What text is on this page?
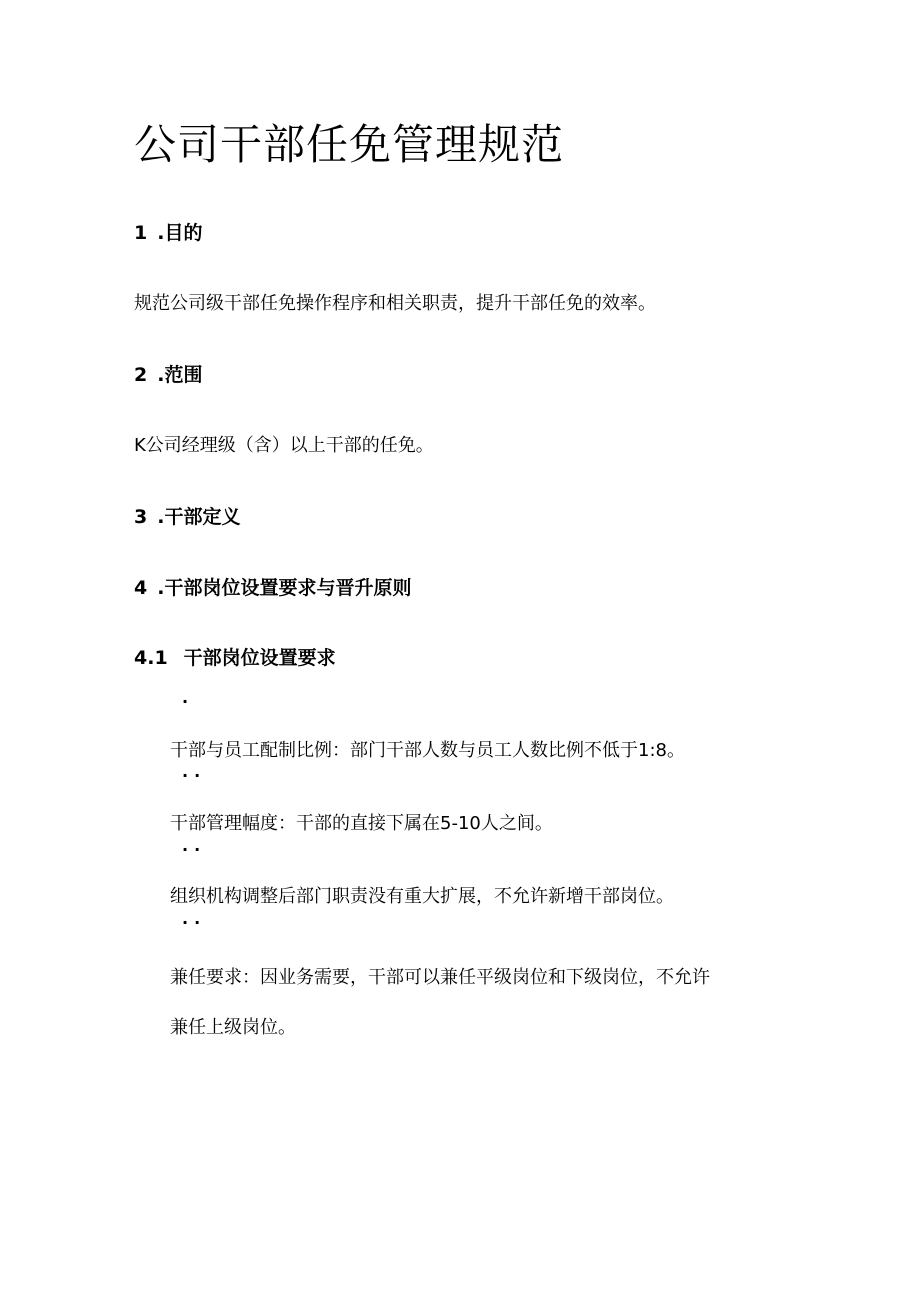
公司干部任免管理规范
1 .目的

规范公司级干部任免操作程序和相关职责，提升干部任免的效率。

2 .范围

K公司经理级（含）以上干部的任免。

3 .干部定义
4 .干部岗位设置要求与晋升原则
4.1 干部岗位设置要求
·

干部与员工配制比例：部门干部人数与员工人数比例不低于1:8。

··

干部管理幅度：干部的直接下属在5-10人之间。

··

组织机构调整后部门职责没有重大扩展，不允许新增干部岗位。

··

兼任要求：因业务需要，干部可以兼任平级岗位和下级岗位，不允许

兼任上级岗位。
